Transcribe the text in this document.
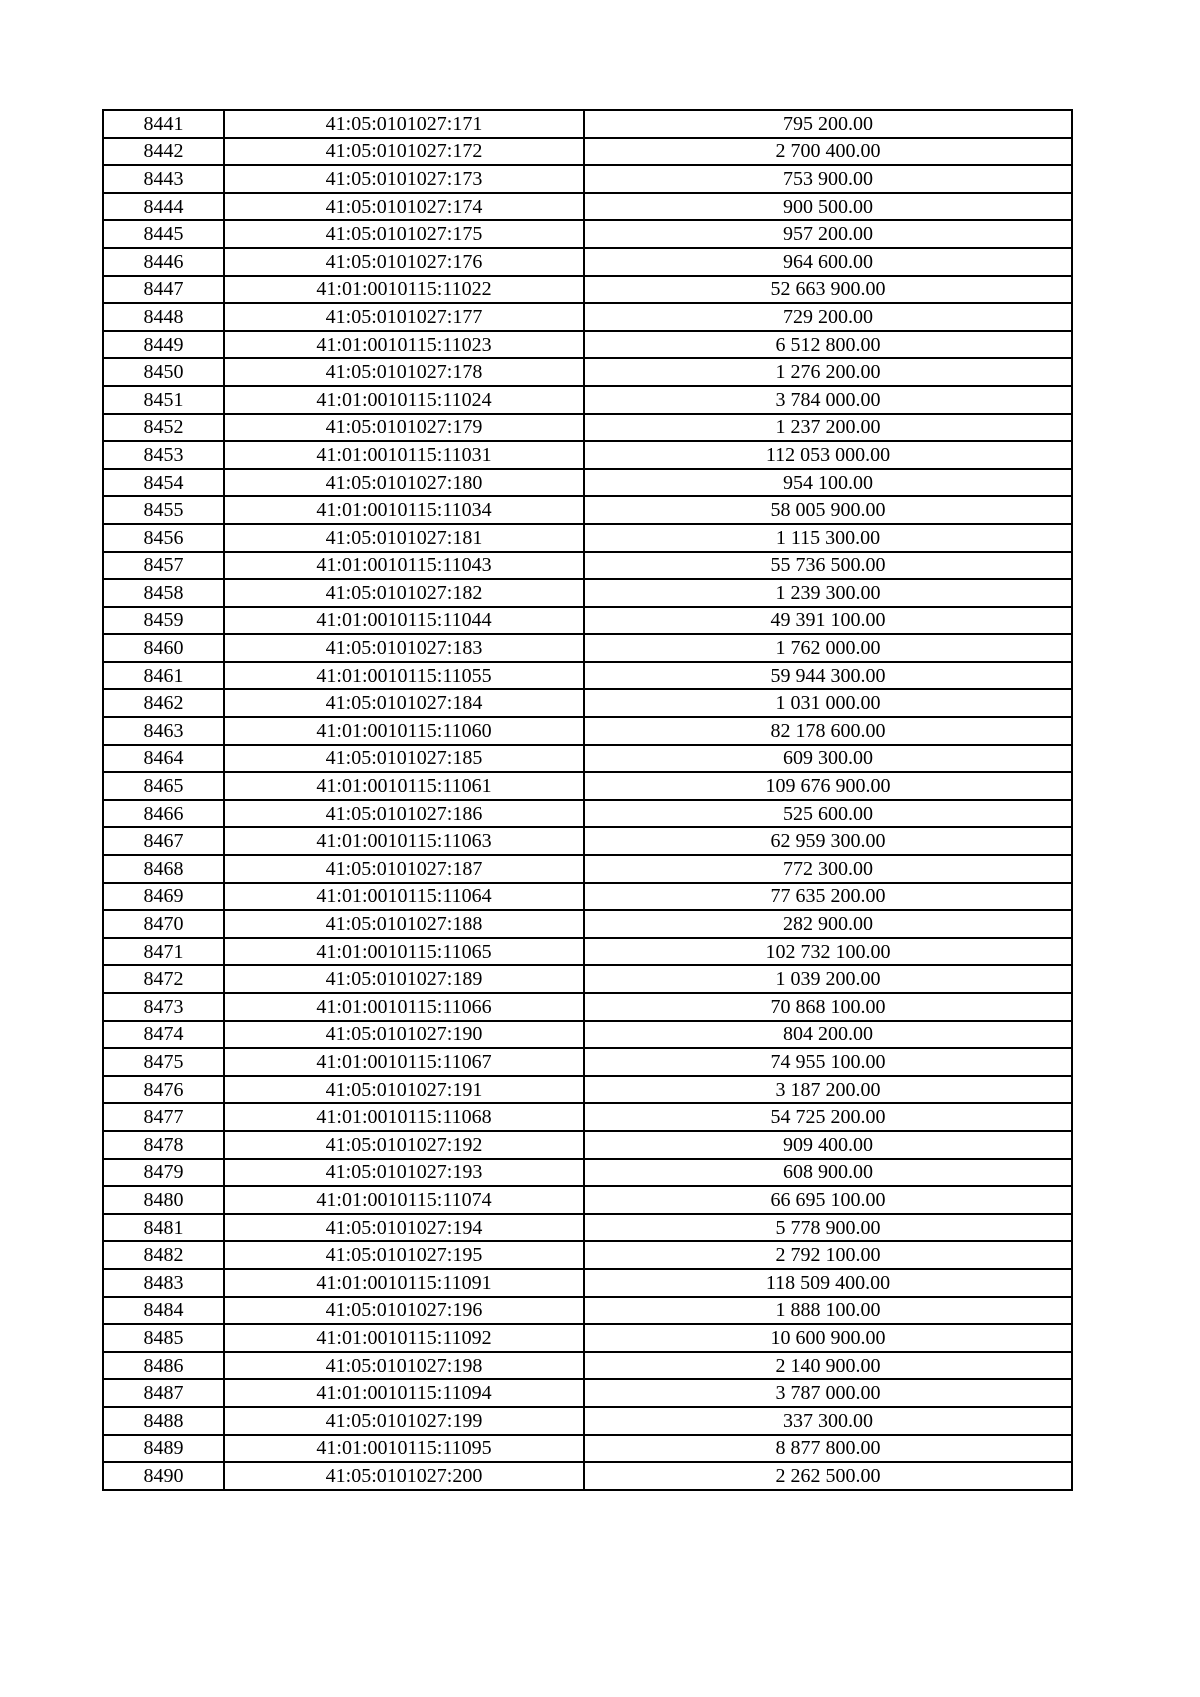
8441	41:05:0101027:171	795 200.00
8442	41:05:0101027:172	2 700 400.00
8443	41:05:0101027:173	753 900.00
8444	41:05:0101027:174	900 500.00
8445	41:05:0101027:175	957 200.00
8446	41:05:0101027:176	964 600.00
8447	41:01:0010115:11022	52 663 900.00
8448	41:05:0101027:177	729 200.00
8449	41:01:0010115:11023	6 512 800.00
8450	41:05:0101027:178	1 276 200.00
8451	41:01:0010115:11024	3 784 000.00
8452	41:05:0101027:179	1 237 200.00
8453	41:01:0010115:11031	112 053 000.00
8454	41:05:0101027:180	954 100.00
8455	41:01:0010115:11034	58 005 900.00
8456	41:05:0101027:181	1 115 300.00
8457	41:01:0010115:11043	55 736 500.00
8458	41:05:0101027:182	1 239 300.00
8459	41:01:0010115:11044	49 391 100.00
8460	41:05:0101027:183	1 762 000.00
8461	41:01:0010115:11055	59 944 300.00
8462	41:05:0101027:184	1 031 000.00
8463	41:01:0010115:11060	82 178 600.00
8464	41:05:0101027:185	609 300.00
8465	41:01:0010115:11061	109 676 900.00
8466	41:05:0101027:186	525 600.00
8467	41:01:0010115:11063	62 959 300.00
8468	41:05:0101027:187	772 300.00
8469	41:01:0010115:11064	77 635 200.00
8470	41:05:0101027:188	282 900.00
8471	41:01:0010115:11065	102 732 100.00
8472	41:05:0101027:189	1 039 200.00
8473	41:01:0010115:11066	70 868 100.00
8474	41:05:0101027:190	804 200.00
8475	41:01:0010115:11067	74 955 100.00
8476	41:05:0101027:191	3 187 200.00
8477	41:01:0010115:11068	54 725 200.00
8478	41:05:0101027:192	909 400.00
8479	41:05:0101027:193	608 900.00
8480	41:01:0010115:11074	66 695 100.00
8481	41:05:0101027:194	5 778 900.00
8482	41:05:0101027:195	2 792 100.00
8483	41:01:0010115:11091	118 509 400.00
8484	41:05:0101027:196	1 888 100.00
8485	41:01:0010115:11092	10 600 900.00
8486	41:05:0101027:198	2 140 900.00
8487	41:01:0010115:11094	3 787 000.00
8488	41:05:0101027:199	337 300.00
8489	41:01:0010115:11095	8 877 800.00
8490	41:05:0101027:200	2 262 500.00
